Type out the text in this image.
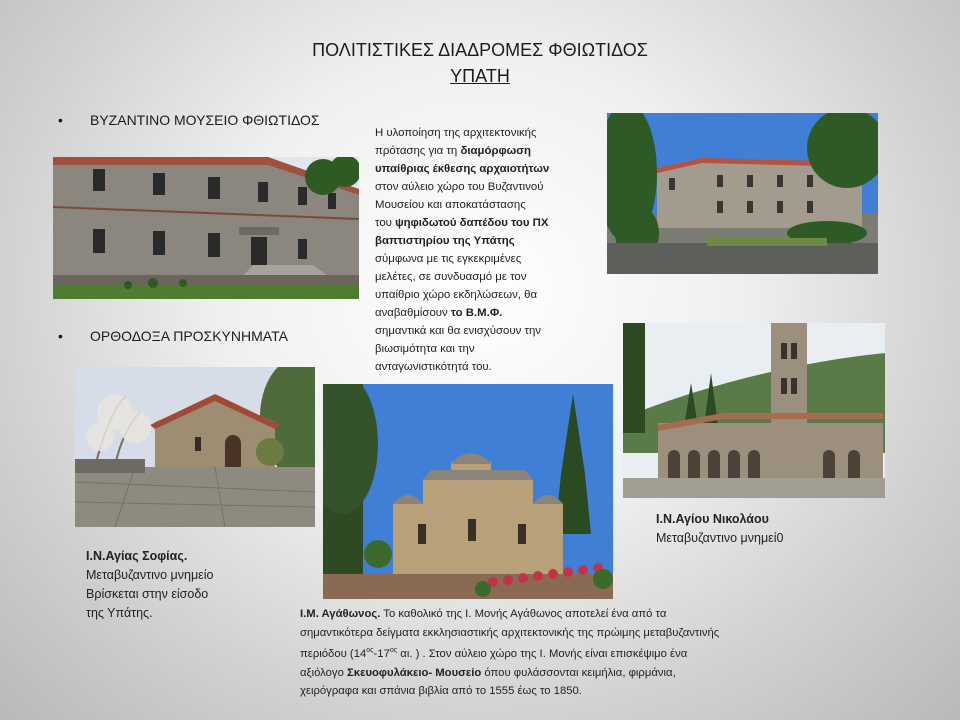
ΠΟΛΙΤΙΣΤΙΚΕΣ ΔΙΑΔΡΟΜΕΣ ΦΘΙΩΤΙΔΟΣ
ΥΠΑΤΗ
• ΒΥΖΑΝΤΙΝΟ ΜΟΥΣΕΙΟ ΦΘΙΩΤΙΔΟΣ
• ΟΡΘΟΔΟΞΑ ΠΡΟΣΚΥΝΗΜΑΤΑ
Η υλοποίηση της αρχιτεκτονικής
πρότασης για τη διαμόρφωση
υπαίθριας έκθεσης αρχαιοτήτων
στον αύλειο χώρο του Βυζαντινού
Μουσείου και αποκατάστασης
του ψηφιδωτού δαπέδου του ΠΧ
βαπτιστηρίου της Υπάτης
σύμφωνα με τις εγκεκριμένες
μελέτες, σε συνδυασμό με τον
υπαίθριο χώρο εκδηλώσεων, θα
αναβαθμίσουν το Β.Μ.Φ.
σημαντικά και θα ενισχύσουν την
βιωσιμότητα και την
ανταγωνιστικότητά του.
Ι.Ν.Αγίας Σοφίας.
Μεταβυζαντινο μνημείο
Βρίσκεται στην είσοδο
της Υπάτης.
Ι.Ν.Αγίου Νικολάου
Μεταβυζαντινο μνημεί0
Ι.Μ. Αγάθωνος. Το καθολικό της Ι. Μονής Αγάθωνος αποτελεί ένα από τα
σημαντικότερα δείγματα εκκλησιαστικής αρχιτεκτονικής της πρώιμης μεταβυζαντινής
περιόδου ($14^{o\varsigma}-17^{o\varsigma}$ αι. ) . Στον αύλειο χώρο της Ι. Μονής είναι επισκέψιμο ένα
αξιόλογο Σκευοφυλάκειο- Μουσείο όπου φυλάσσονται κειμήλια, φιρμάνια,
χειρόγραφα και σπάνια βιβλία από το 1555 έως το 1850.
